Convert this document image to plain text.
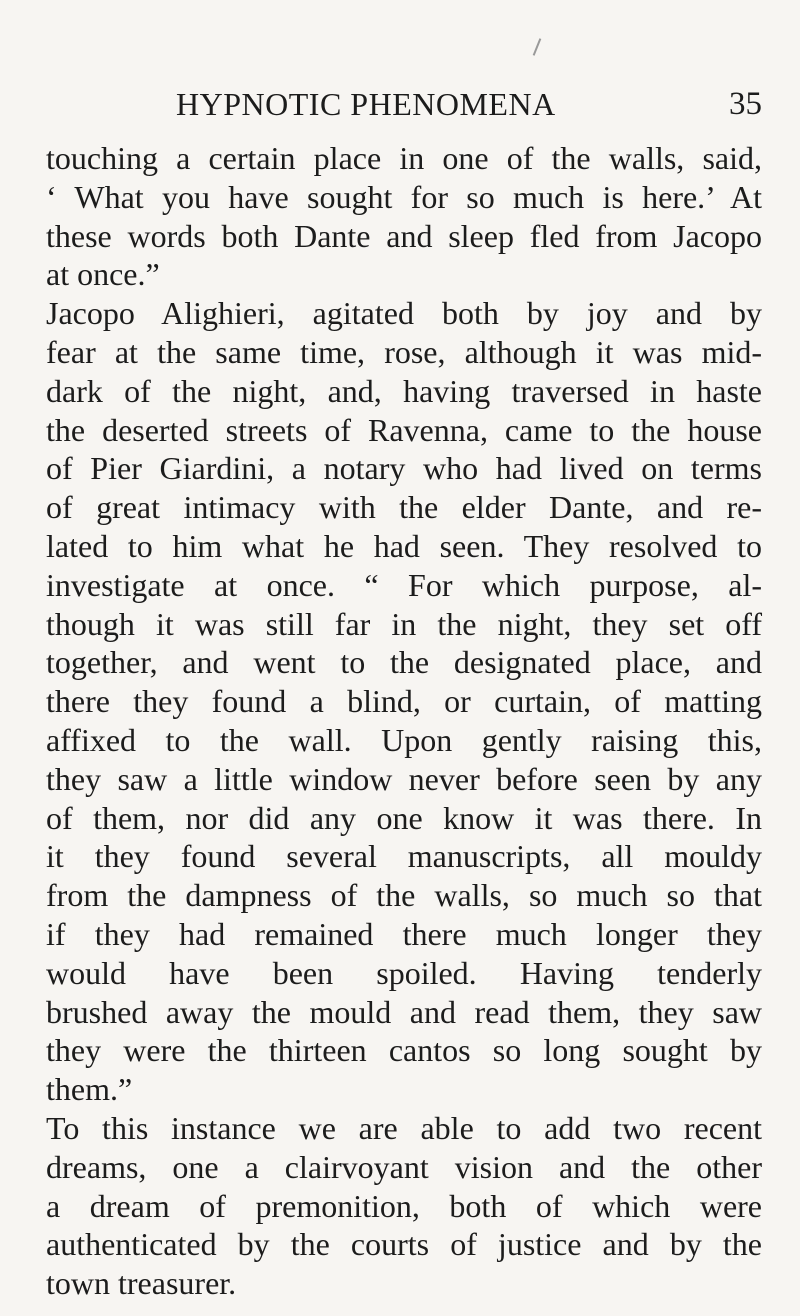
HYPNOTIC PHENOMENA	35
touching a certain place in one of the walls, said,
‘ What you have sought for so much is here.’ At
these words both Dante and sleep fled from Jacopo
at once.”
Jacopo Alighieri, agitated both by joy and by
fear at the same time, rose, although it was mid-
dark of the night, and, having traversed in haste
the deserted streets of Ravenna, came to the house
of Pier Giardini, a notary who had lived on terms
of great intimacy with the elder Dante, and re-
lated to him what he had seen. They resolved to
investigate at once. “ For which purpose, al-
though it was still far in the night, they set off
together, and went to the designated place, and
there they found a blind, or curtain, of matting
affixed to the wall. Upon gently raising this,
they saw a little window never before seen by any
of them, nor did any one know it was there. In
it they found several manuscripts, all mouldy
from the dampness of the walls, so much so that
if they had remained there much longer they
would have been spoiled. Having tenderly
brushed away the mould and read them, they saw
they were the thirteen cantos so long sought by
them.”
To this instance we are able to add two recent
dreams, one a clairvoyant vision and the other
a dream of premonition, both of which were
authenticated by the courts of justice and by the
town treasurer.
